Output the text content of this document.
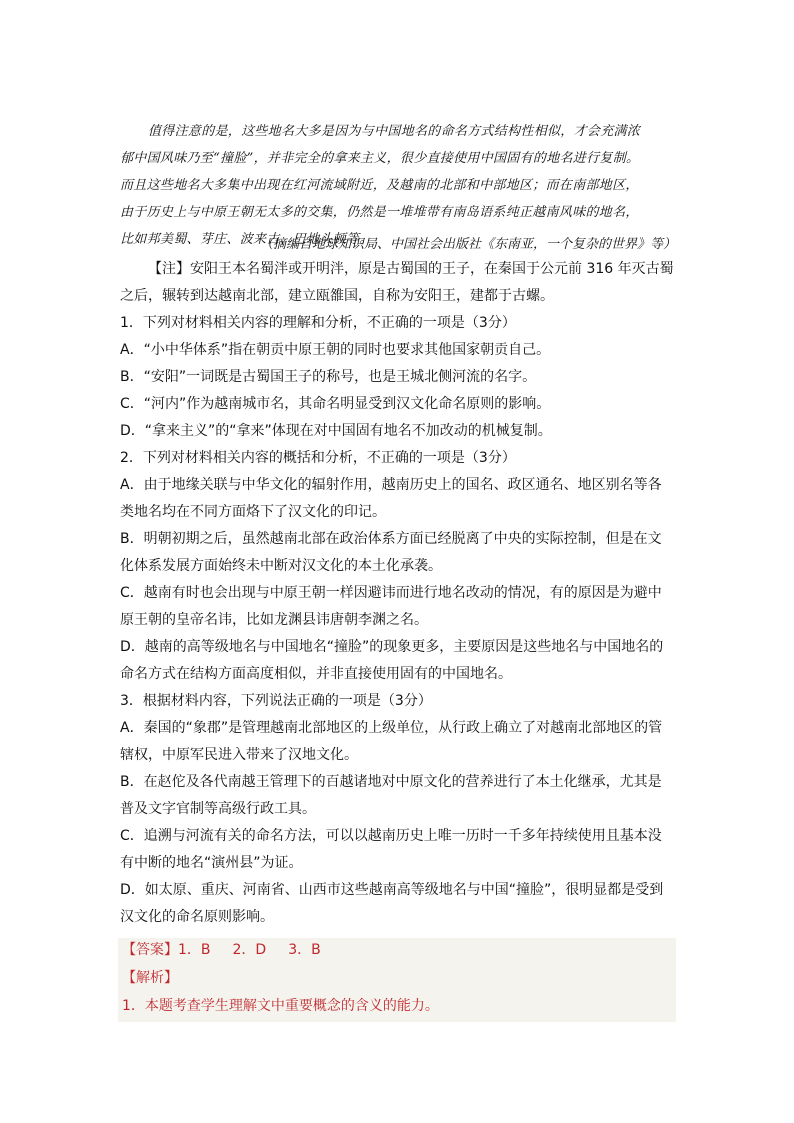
值得注意的是，这些地名大多是因为与中国地名的命名方式结构性相似，才会充满浓

郁中国风味乃至“撞脸”，并非完全的拿来主义，很少直接使用中国固有的地名进行复制。

而且这些地名大多集中出现在红河流域附近，及越南的北部和中部地区；而在南部地区，

由于历史上与中原王朝无太多的交集，仍然是一堆堆带有南岛语系纯正越南风味的地名，

比如邦美蜀、芽庄、波来古、巴地头顿等。

（摘编自地球知识局、中国社会出版社《东南亚，一个复杂的世界》等）

【注】安阳王本名蜀泮或开明泮，原是古蜀国的王子，在秦国于公元前 316 年灭古蜀

之后，辗转到达越南北部，建立瓯雒国，自称为安阳王，建都于古螺。

1．下列对材料相关内容的理解和分析，不正确的一项是（3分）

A．“小中华体系”指在朝贡中原王朝的同时也要求其他国家朝贡自己。

B．“安阳”一词既是古蜀国王子的称号，也是王城北侧河流的名字。

C．“河内”作为越南城市名，其命名明显受到汉文化命名原则的影响。

D．“拿来主义”的“拿来”体现在对中国固有地名不加改动的机械复制。

2．下列对材料相关内容的概括和分析，不正确的一项是（3分）

A．由于地缘关联与中华文化的辐射作用，越南历史上的国名、政区通名、地区别名等各

类地名均在不同方面烙下了汉文化的印记。

B．明朝初期之后，虽然越南北部在政治体系方面已经脱离了中央的实际控制，但是在文

化体系发展方面始终未中断对汉文化的本土化承袭。

C．越南有时也会出现与中原王朝一样因避讳而进行地名改动的情况，有的原因是为避中

原王朝的皇帝名讳，比如龙渊县讳唐朝李渊之名。

D．越南的高等级地名与中国地名“撞脸”的现象更多，主要原因是这些地名与中国地名的

命名方式在结构方面高度相似，并非直接使用固有的中国地名。

3．根据材料内容，下列说法正确的一项是（3分）

A．秦国的“象郡”是管理越南北部地区的上级单位，从行政上确立了对越南北部地区的管

辖权，中原军民进入带来了汉地文化。

B．在赵佗及各代南越王管理下的百越诸地对中原文化的营养进行了本土化继承，尤其是

普及文字官制等高级行政工具。

C．追溯与河流有关的命名方法，可以以越南历史上唯一历时一千多年持续使用且基本没

有中断的地名“演州县”为证。

D．如太原、重庆、河南省、山西市这些越南高等级地名与中国“撞脸”，很明显都是受到

汉文化的命名原则影响。

【答案】1．B 2．D 3．B

【解析】

1．本题考查学生理解文中重要概念的含义的能力。
